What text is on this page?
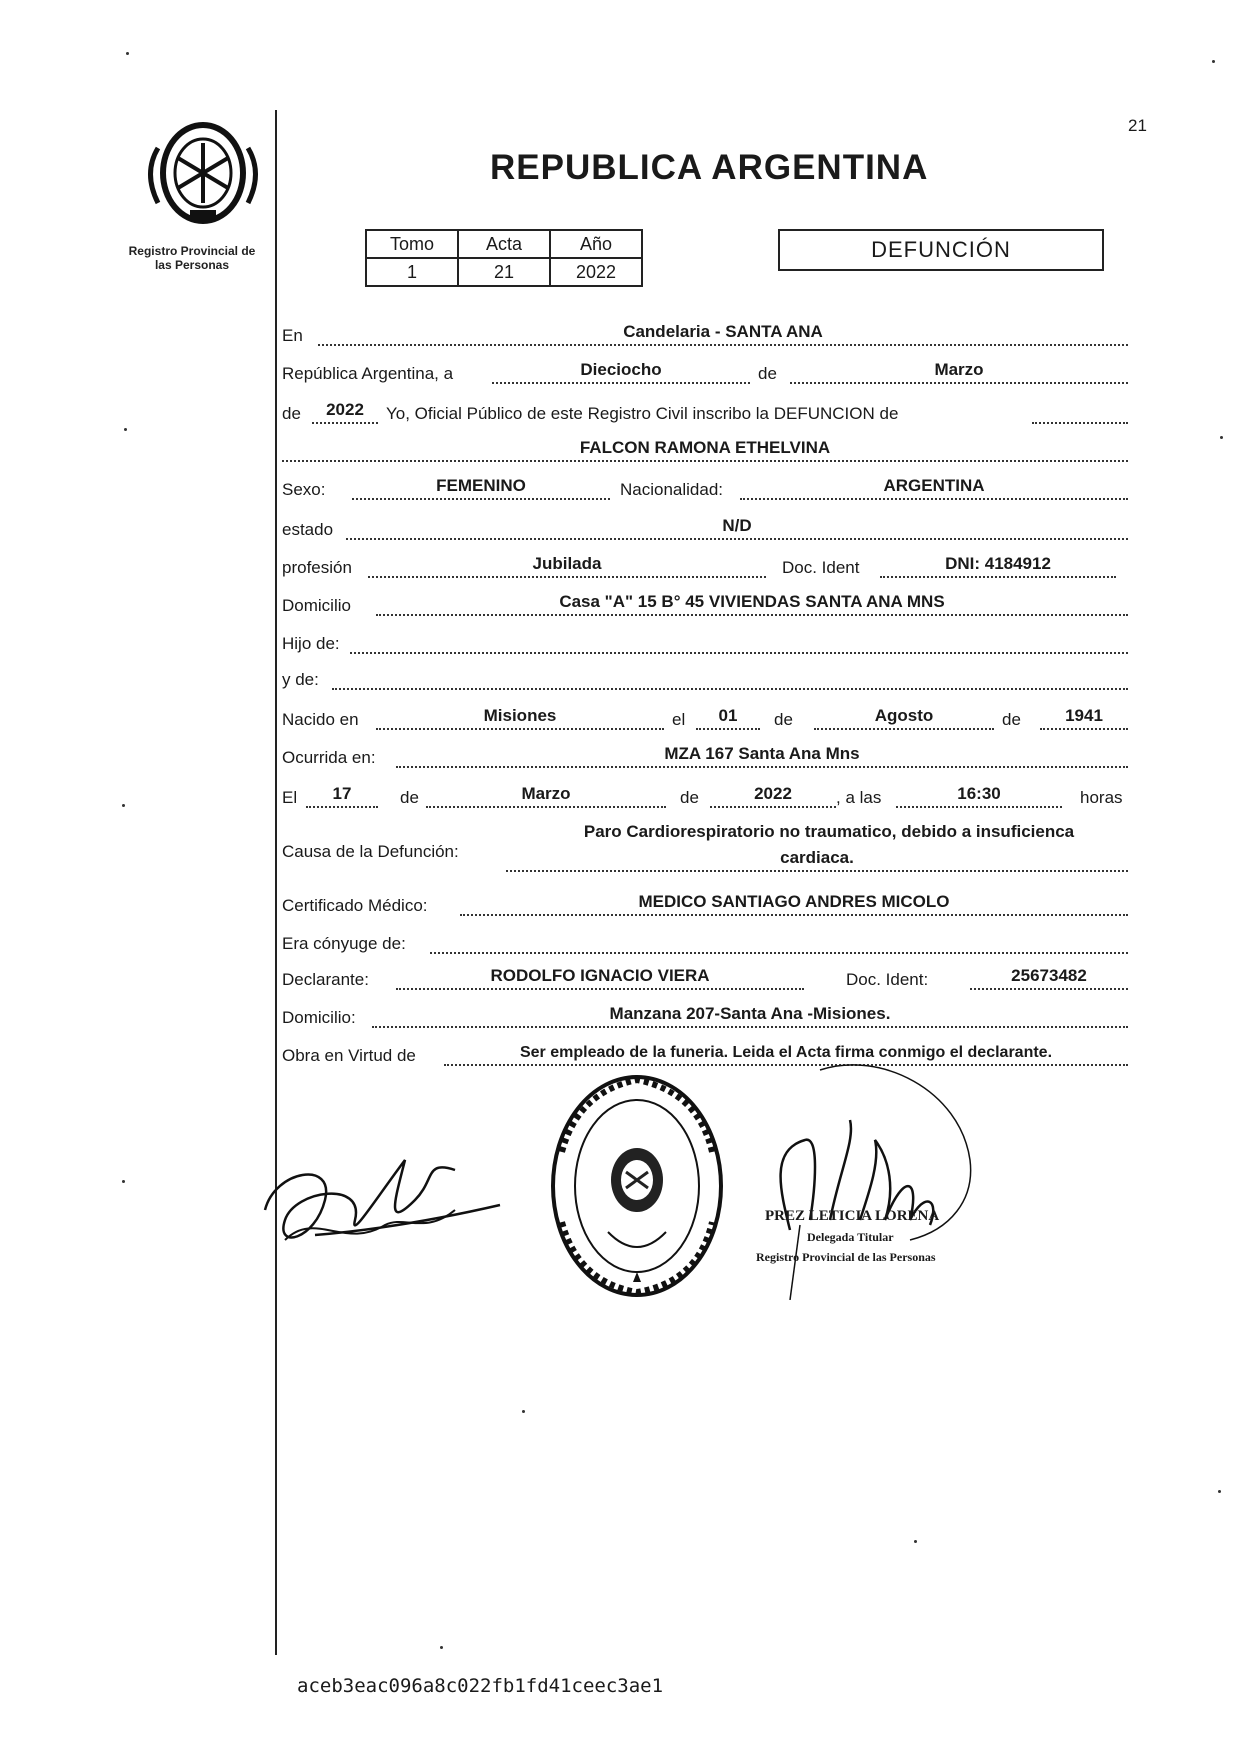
21
Registro Provincial de
las Personas
REPUBLICA ARGENTINA
Tomo	Acta	Año
1	21	2022
DEFUNCIÓN
En	Candelaria - SANTA ANA
República Argentina, a	Dieciocho	de	Marzo
de	2022	Yo, Oficial Público de este Registro Civil inscribo la DEFUNCION de
FALCON RAMONA ETHELVINA
Sexo:	FEMENINO	Nacionalidad:	ARGENTINA
estado	N/D
profesión	Jubilada	Doc. Ident	DNI: 4184912
Domicilio	Casa "A" 15 B° 45 VIVIENDAS SANTA ANA MNS
Hijo de:
y de:
Nacido en	Misiones	el	01	de	Agosto	de	1941
Ocurrida en:	MZA 167 Santa Ana Mns
El	17	de	Marzo	de	2022	, a las	16:30	horas
Causa de la Defunción:
Paro Cardiorespiratorio no traumatico, debido a insuficienca
cardiaca.
Certificado Médico:	MEDICO SANTIAGO ANDRES MICOLO
Era cónyuge de:
Declarante:	RODOLFO IGNACIO VIERA	Doc. Ident:	25673482
Domicilio:	Manzana 207-Santa Ana -Misiones.
Obra en Virtud de	Ser empleado de la funeria. Leida el Acta firma conmigo el declarante.
PREZ LETICIA LORENA
Delegada Titular
Registro Provincial de las Personas
aceb3eac096a8c022fb1fd41ceec3ae1
